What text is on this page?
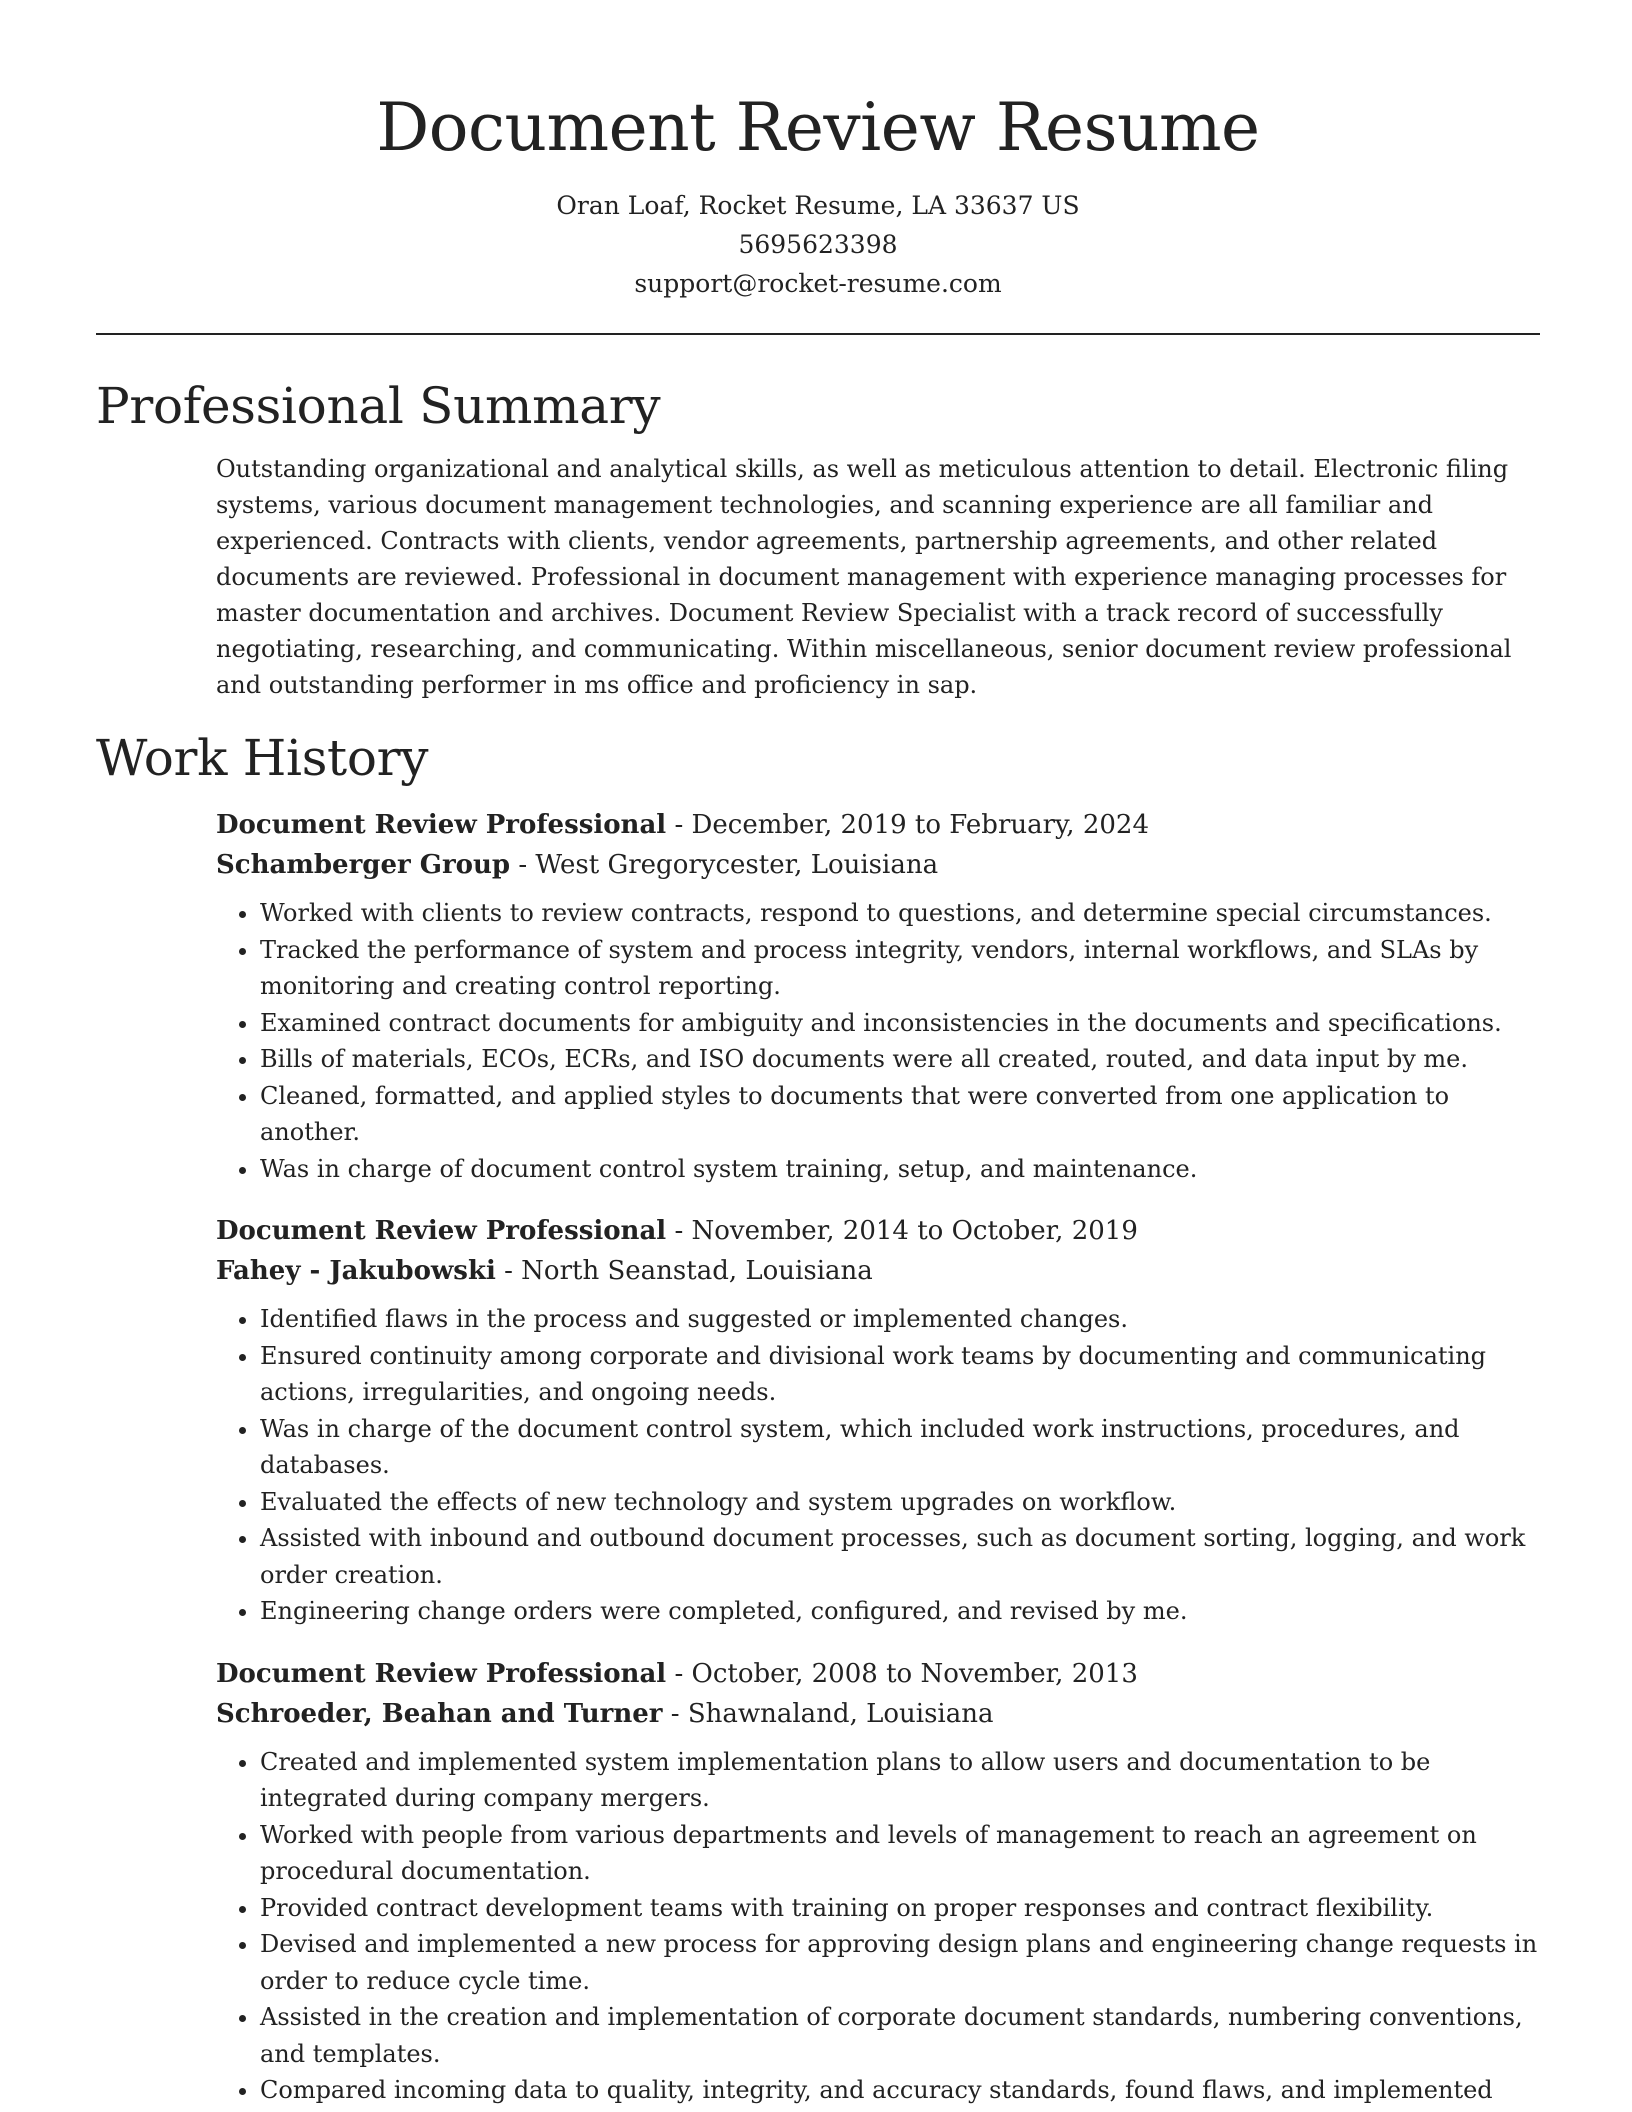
Document Review Resume
Oran Loaf, Rocket Resume, LA 33637 US
5695623398
support@rocket-resume.com
Professional Summary

Outstanding organizational and analytical skills, as well as meticulous attention to detail. Electronic filing systems, various document management technologies, and scanning experience are all familiar and experienced. Contracts with clients, vendor agreements, partnership agreements, and other related documents are reviewed. Professional in document management with experience managing processes for master documentation and archives. Document Review Specialist with a track record of successfully negotiating, researching, and communicating. Within miscellaneous, senior document review professional and outstanding performer in ms office and proficiency in sap.

Work History
Document Review Professional - December, 2019 to February, 2024
Schamberger Group - West Gregorycester, Louisiana
• Worked with clients to review contracts, respond to questions, and determine special circumstances.
• Tracked the performance of system and process integrity, vendors, internal workflows, and SLAs by monitoring and creating control reporting.
• Examined contract documents for ambiguity and inconsistencies in the documents and specifications.
• Bills of materials, ECOs, ECRs, and ISO documents were all created, routed, and data input by me.
• Cleaned, formatted, and applied styles to documents that were converted from one application to another.
• Was in charge of document control system training, setup, and maintenance.
Document Review Professional - November, 2014 to October, 2019
Fahey - Jakubowski - North Seanstad, Louisiana
• Identified flaws in the process and suggested or implemented changes.
• Ensured continuity among corporate and divisional work teams by documenting and communicating actions, irregularities, and ongoing needs.
• Was in charge of the document control system, which included work instructions, procedures, and databases.
• Evaluated the effects of new technology and system upgrades on workflow.
• Assisted with inbound and outbound document processes, such as document sorting, logging, and work order creation.
• Engineering change orders were completed, configured, and revised by me.
Document Review Professional - October, 2008 to November, 2013
Schroeder, Beahan and Turner - Shawnaland, Louisiana
• Created and implemented system implementation plans to allow users and documentation to be integrated during company mergers.
• Worked with people from various departments and levels of management to reach an agreement on procedural documentation.
• Provided contract development teams with training on proper responses and contract flexibility.
• Devised and implemented a new process for approving design plans and engineering change requests in order to reduce cycle time.
• Assisted in the creation and implementation of corporate document standards, numbering conventions, and templates.
• Compared incoming data to quality, integrity, and accuracy standards, found flaws, and implemented
